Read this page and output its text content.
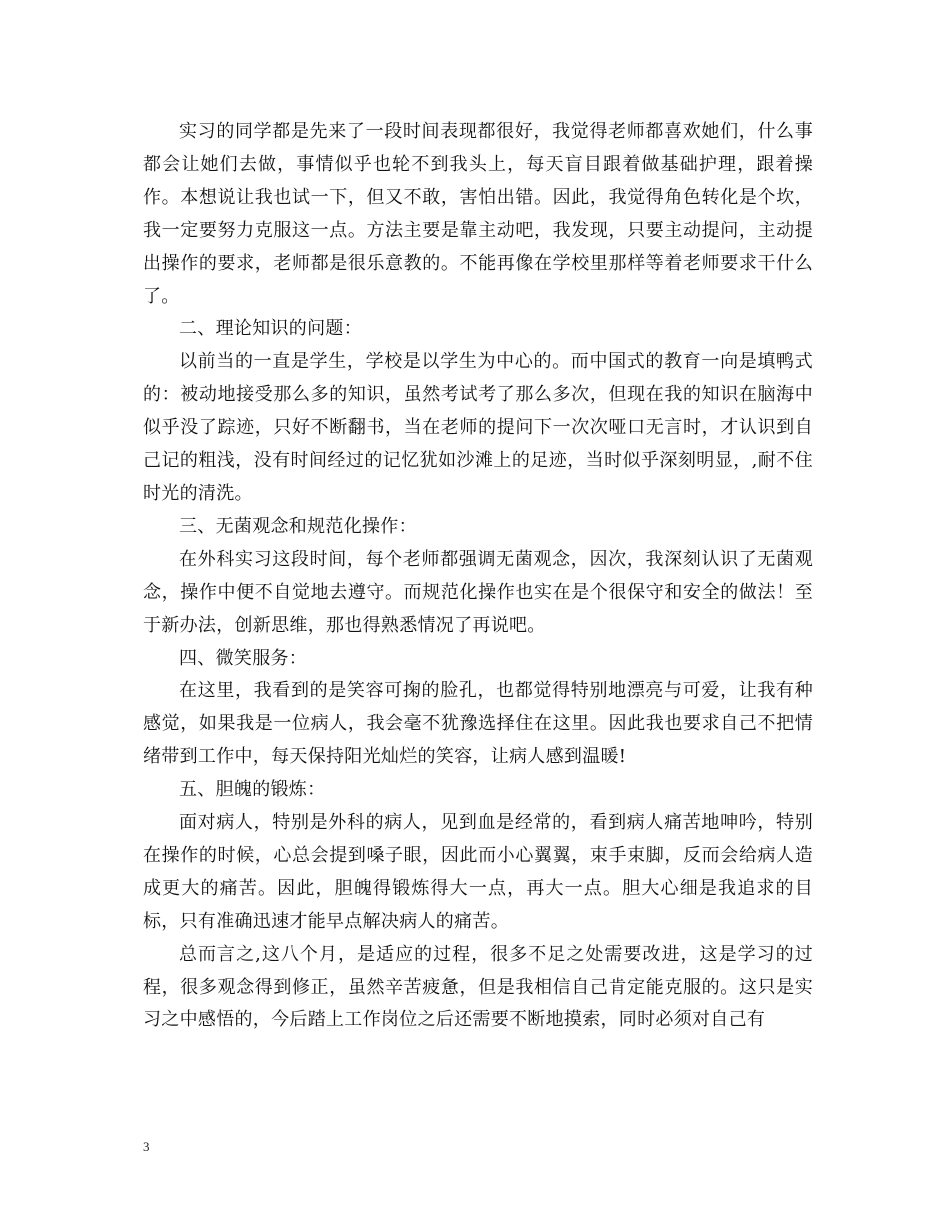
实习的同学都是先来了一段时间表现都很好，我觉得老师都喜欢她们，什么事都会让她们去做，事情似乎也轮不到我头上，每天盲目跟着做基础护理，跟着操作。本想说让我也试一下，但又不敢，害怕出错。因此，我觉得角色转化是个坎，我一定要努力克服这一点。方法主要是靠主动吧，我发现，只要主动提问，主动提出操作的要求，老师都是很乐意教的。不能再像在学校里那样等着老师要求干什么了。

二、理论知识的问题：

以前当的一直是学生，学校是以学生为中心的。而中国式的教育一向是填鸭式的：被动地接受那么多的知识，虽然考试考了那么多次，但现在我的知识在脑海中似乎没了踪迹，只好不断翻书，当在老师的提问下一次次哑口无言时，才认识到自己记的粗浅，没有时间经过的记忆犹如沙滩上的足迹，当时似乎深刻明显，,耐不住时光的清洗。

三、无菌观念和规范化操作：

在外科实习这段时间，每个老师都强调无菌观念，因次，我深刻认识了无菌观念，操作中便不自觉地去遵守。而规范化操作也实在是个很保守和安全的做法！至于新办法，创新思维，那也得熟悉情况了再说吧。

四、微笑服务：

在这里，我看到的是笑容可掬的脸孔，也都觉得特别地漂亮与可爱，让我有种感觉，如果我是一位病人，我会毫不犹豫选择住在这里。因此我也要求自己不把情绪带到工作中，每天保持阳光灿烂的笑容，让病人感到温暖!

五、胆魄的锻炼：

面对病人，特别是外科的病人，见到血是经常的，看到病人痛苦地呻吟，特别在操作的时候，心总会提到嗓子眼，因此而小心翼翼，束手束脚，反而会给病人造成更大的痛苦。因此，胆魄得锻炼得大一点，再大一点。胆大心细是我追求的目标，只有准确迅速才能早点解决病人的痛苦。

总而言之,这八个月，是适应的过程，很多不足之处需要改进，这是学习的过程，很多观念得到修正，虽然辛苦疲惫，但是我相信自己肯定能克服的。这只是实习之中感悟的，今后踏上工作岗位之后还需要不断地摸索，同时必须对自己有

3
